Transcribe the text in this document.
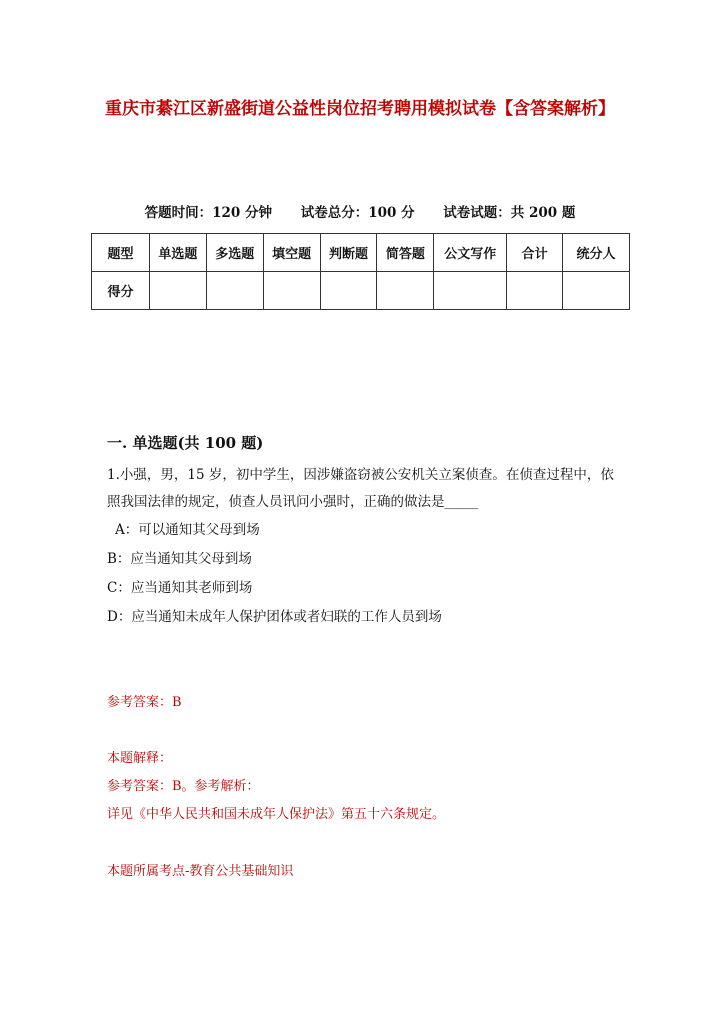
重庆市綦江区新盛街道公益性岗位招考聘用模拟试卷【含答案解析】
答题时间：120 分钟 试卷总分：100 分 试卷试题：共 200 题
题型	单选题	多选题	填空题	判断题	简答题	公文写作	合计	统分人
得分								
一. 单选题(共 100 题)

1.小强，男，15 岁，初中学生，因涉嫌盗窃被公安机关立案侦查。在侦查过程中，依照我国法律的规定，侦查人员讯问小强时，正确的做法是_____

A：可以通知其父母到场

B：应当通知其父母到场

C：应当通知其老师到场

D：应当通知未成年人保护团体或者妇联的工作人员到场

参考答案：B
本题解释：
参考答案：B。参考解析：
详见《中华人民共和国未成年人保护法》第五十六条规定。
本题所属考点-教育公共基础知识
